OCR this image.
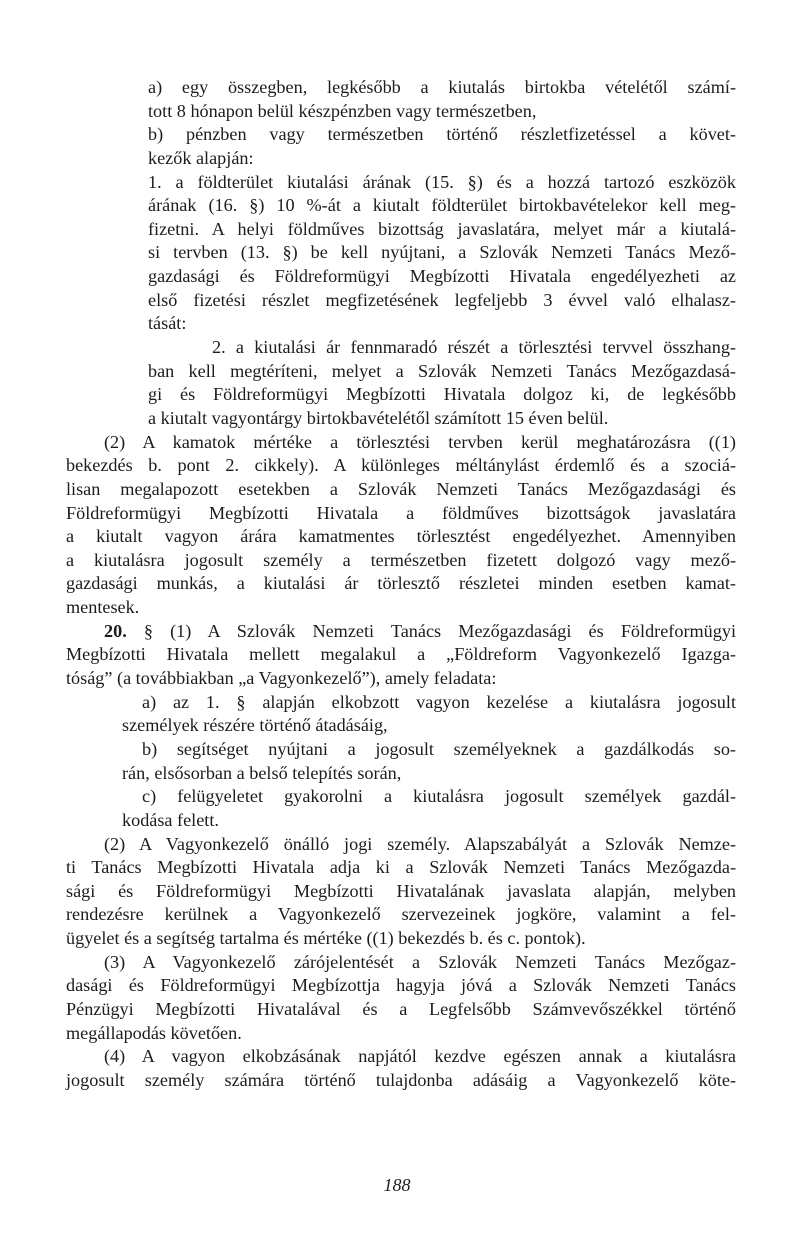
a) egy összegben, legkésőbb a kiutalás birtokba vételétől számí-
tott 8 hónapon belül készpénzben vagy természetben,
b) pénzben vagy természetben történő részletfizetéssel a követ-
kezők alapján:
1. a földterület kiutalási árának (15. §) és a hozzá tartozó eszközök
árának (16. §) 10 %-át a kiutalt földterület birtokbavételekor kell meg-
fizetni. A helyi földműves bizottság javaslatára, melyet már a kiutalá-
si tervben (13. §) be kell nyújtani, a Szlovák Nemzeti Tanács Mező-
gazdasági és Földreformügyi Megbízotti Hivatala engedélyezheti az
első fizetési részlet megfizetésének legfeljebb 3 évvel való elhalasz-
tását:
2. a kiutalási ár fennmaradó részét a törlesztési tervvel összhang-
ban kell megtéríteni, melyet a Szlovák Nemzeti Tanács Mezőgazdasá-
gi és Földreformügyi Megbízotti Hivatala dolgoz ki, de legkésőbb
a kiutalt vagyontárgy birtokbavételétől számított 15 éven belül.
(2) A kamatok mértéke a törlesztési tervben kerül meghatározásra ((1)
bekezdés b. pont 2. cikkely). A különleges méltánylást érdemlő és a szociá-
lisan megalapozott esetekben a Szlovák Nemzeti Tanács Mezőgazdasági és
Földreformügyi Megbízotti Hivatala a földműves bizottságok javaslatára
a kiutalt vagyon árára kamatmentes törlesztést engedélyezhet. Amennyiben
a kiutalásra jogosult személy a természetben fizetett dolgozó vagy mező-
gazdasági munkás, a kiutalási ár törlesztő részletei minden esetben kamat-
mentesek.
20. § (1) A Szlovák Nemzeti Tanács Mezőgazdasági és Földreformügyi
Megbízotti Hivatala mellett megalakul a „Földreform Vagyonkezelő Igazga-
tóság” (a továbbiakban „a Vagyonkezelő”), amely feladata:
a) az 1. § alapján elkobzott vagyon kezelése a kiutalásra jogosult
személyek részére történő átadásáig,
b) segítséget nyújtani a jogosult személyeknek a gazdálkodás so-
rán, elsősorban a belső telepítés során,
c) felügyeletet gyakorolni a kiutalásra jogosult személyek gazdál-
kodása felett.
(2) A Vagyonkezelő önálló jogi személy. Alapszabályát a Szlovák Nemze-
ti Tanács Megbízotti Hivatala adja ki a Szlovák Nemzeti Tanács Mezőgazda-
sági és Földreformügyi Megbízotti Hivatalának javaslata alapján, melyben
rendezésre kerülnek a Vagyonkezelő szervezeinek jogköre, valamint a fel-
ügyelet és a segítség tartalma és mértéke ((1) bekezdés b. és c. pontok).
(3) A Vagyonkezelő zárójelentését a Szlovák Nemzeti Tanács Mezőgaz-
dasági és Földreformügyi Megbízottja hagyja jóvá a Szlovák Nemzeti Tanács
Pénzügyi Megbízotti Hivatalával és a Legfelsőbb Számvevőszékkel történő
megállapodás követően.
(4) A vagyon elkobzásának napjától kezdve egészen annak a kiutalásra
jogosult személy számára történő tulajdonba adásáig a Vagyonkezelő köte-
188
